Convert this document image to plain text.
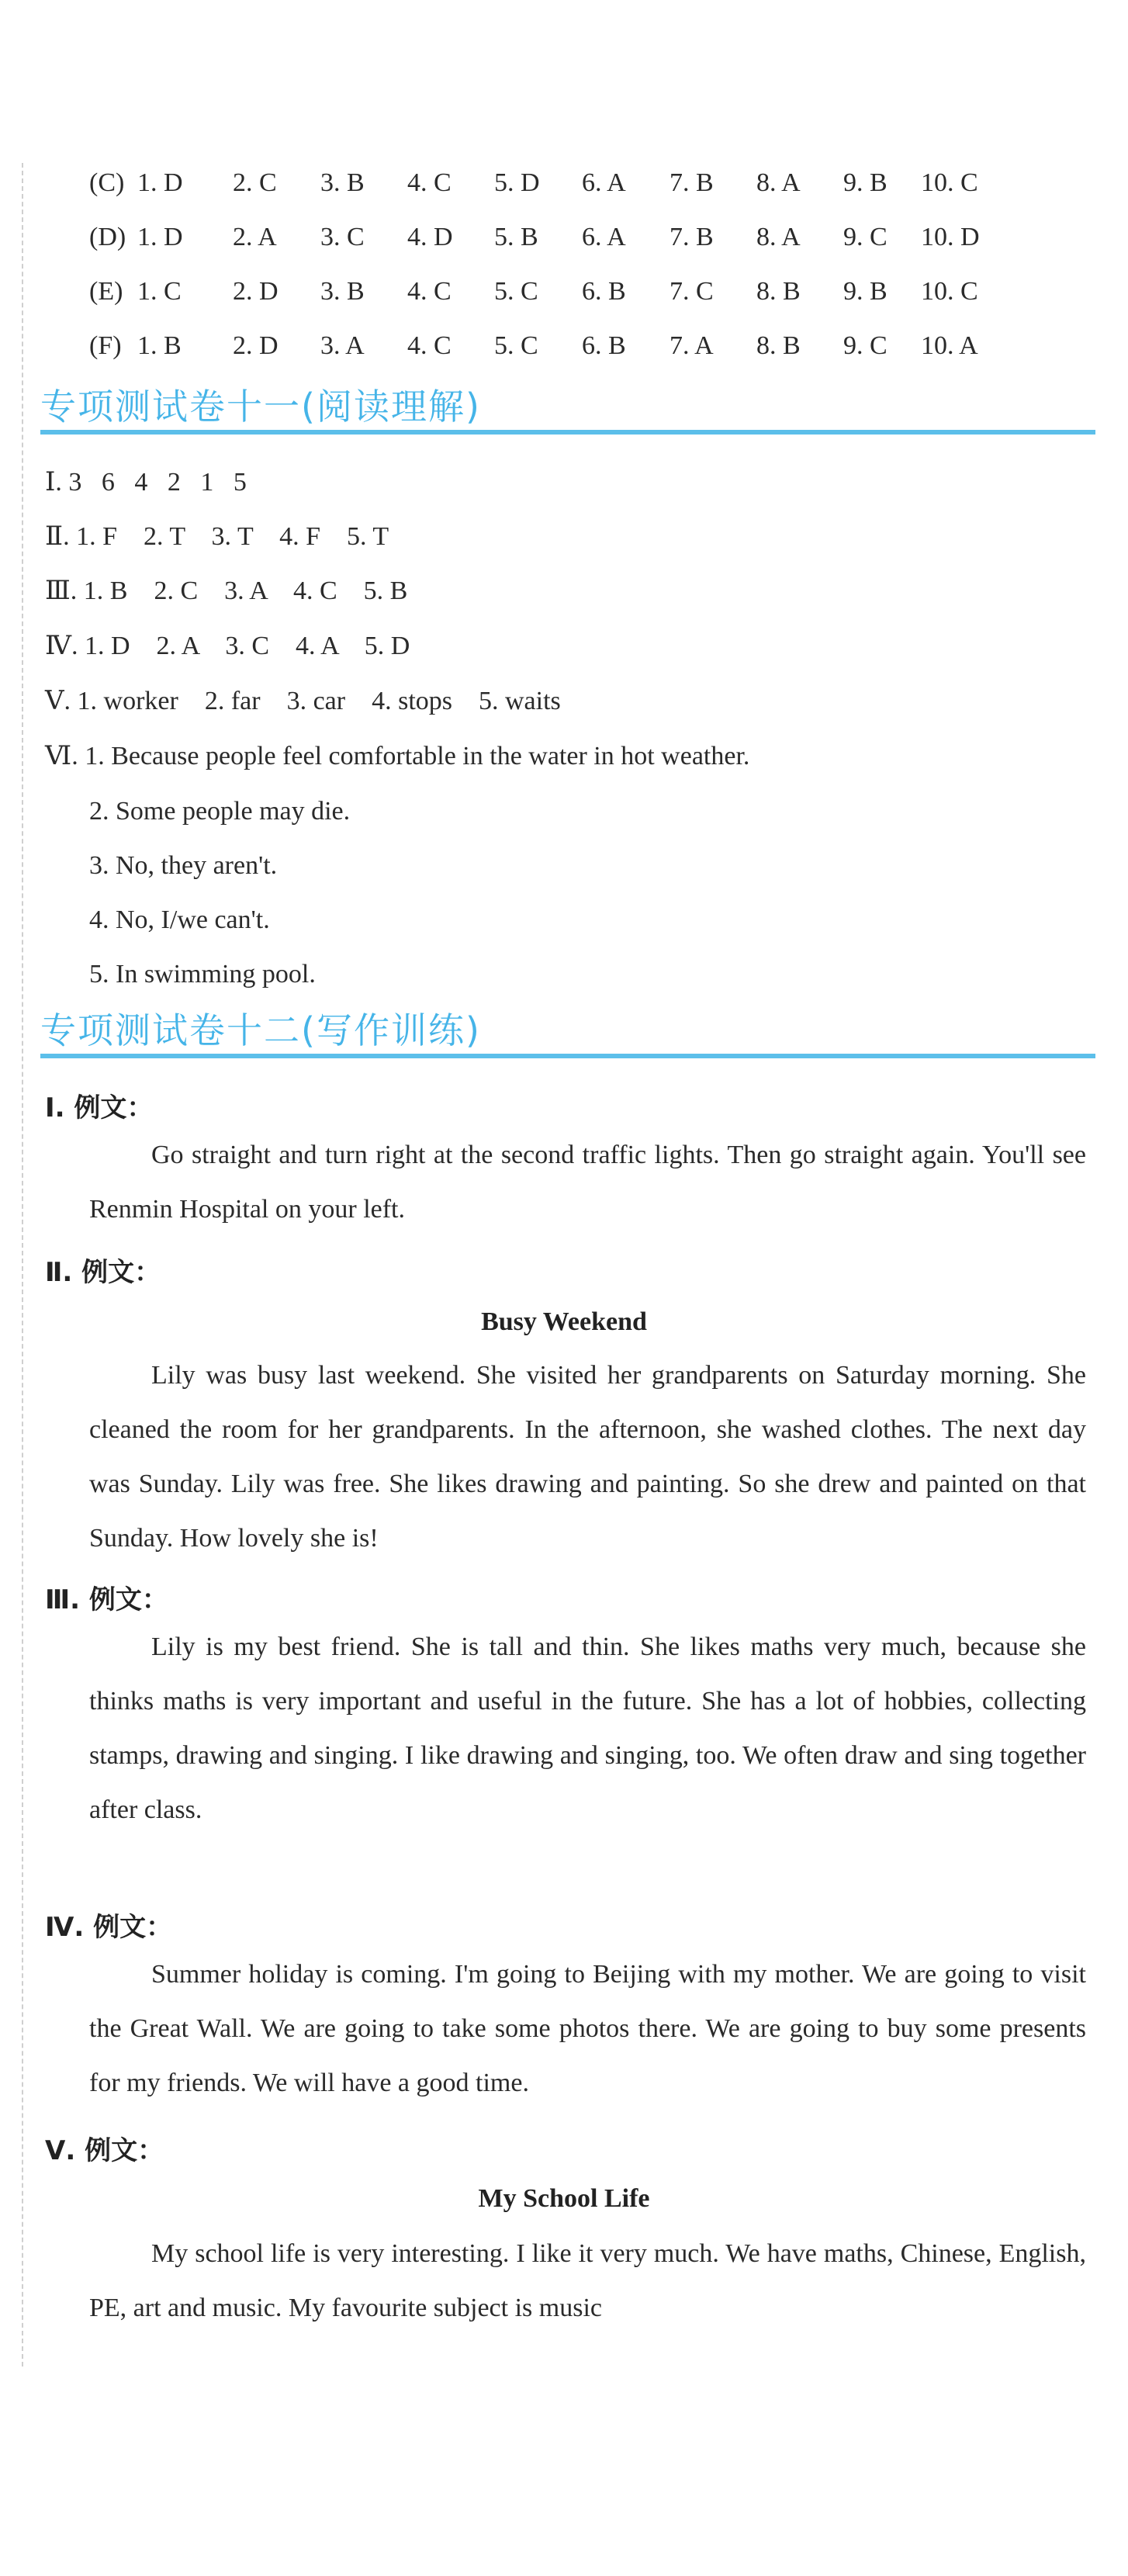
(C) 1. D 2. C 3. B 4. C 5. D 6. A 7. B 8. A 9. B 10. C
(D) 1. D 2. A 3. C 4. D 5. B 6. A 7. B 8. A 9. C 10. D
(E) 1. C 2. D 3. B 4. C 5. C 6. B 7. C 8. B 9. B 10. C
(F) 1. B 2. D 3. A 4. C 5. C 6. B 7. A 8. B 9. C 10. A
专项测试卷十一(阅读理解)
Ⅰ. 3   6   4   2   1   5
Ⅱ. 1. F    2. T    3. T    4. F    5. T
Ⅲ. 1. B    2. C    3. A    4. C    5. B
Ⅳ. 1. D    2. A    3. C    4. A    5. D
Ⅴ. 1. worker    2. far    3. car    4. stops    5. waits
Ⅵ. 1. Because people feel comfortable in the water in hot weather.
2. Some people may die.
3. No, they aren't.
4. No, I/we can't.
5. In swimming pool.
专项测试卷十二(写作训练)
Ⅰ. 例文：
Go straight and turn right at the second traffic lights. Then go straight again. You'll see Renmin Hospital on your left.
Ⅱ. 例文：
Busy Weekend
Lily was busy last weekend. She visited her grandparents on Saturday morning. She cleaned the room for her grandparents. In the afternoon, she washed clothes. The next day was Sunday. Lily was free. She likes drawing and painting. So she drew and painted on that Sunday. How lovely she is!
Ⅲ. 例文：
Lily is my best friend. She is tall and thin. She likes maths very much, because she thinks maths is very important and useful in the future. She has a lot of hobbies, collecting stamps, drawing and singing. I like drawing and singing, too. We often draw and sing together after class.
Ⅳ. 例文：
Summer holiday is coming. I'm going to Beijing with my mother. We are going to visit the Great Wall. We are going to take some photos there. We are going to buy some presents for my friends. We will have a good time.
Ⅴ. 例文：
My School Life
My school life is very interesting. I like it very much. We have maths, Chinese, English, PE, art and music. My favourite subject is music
